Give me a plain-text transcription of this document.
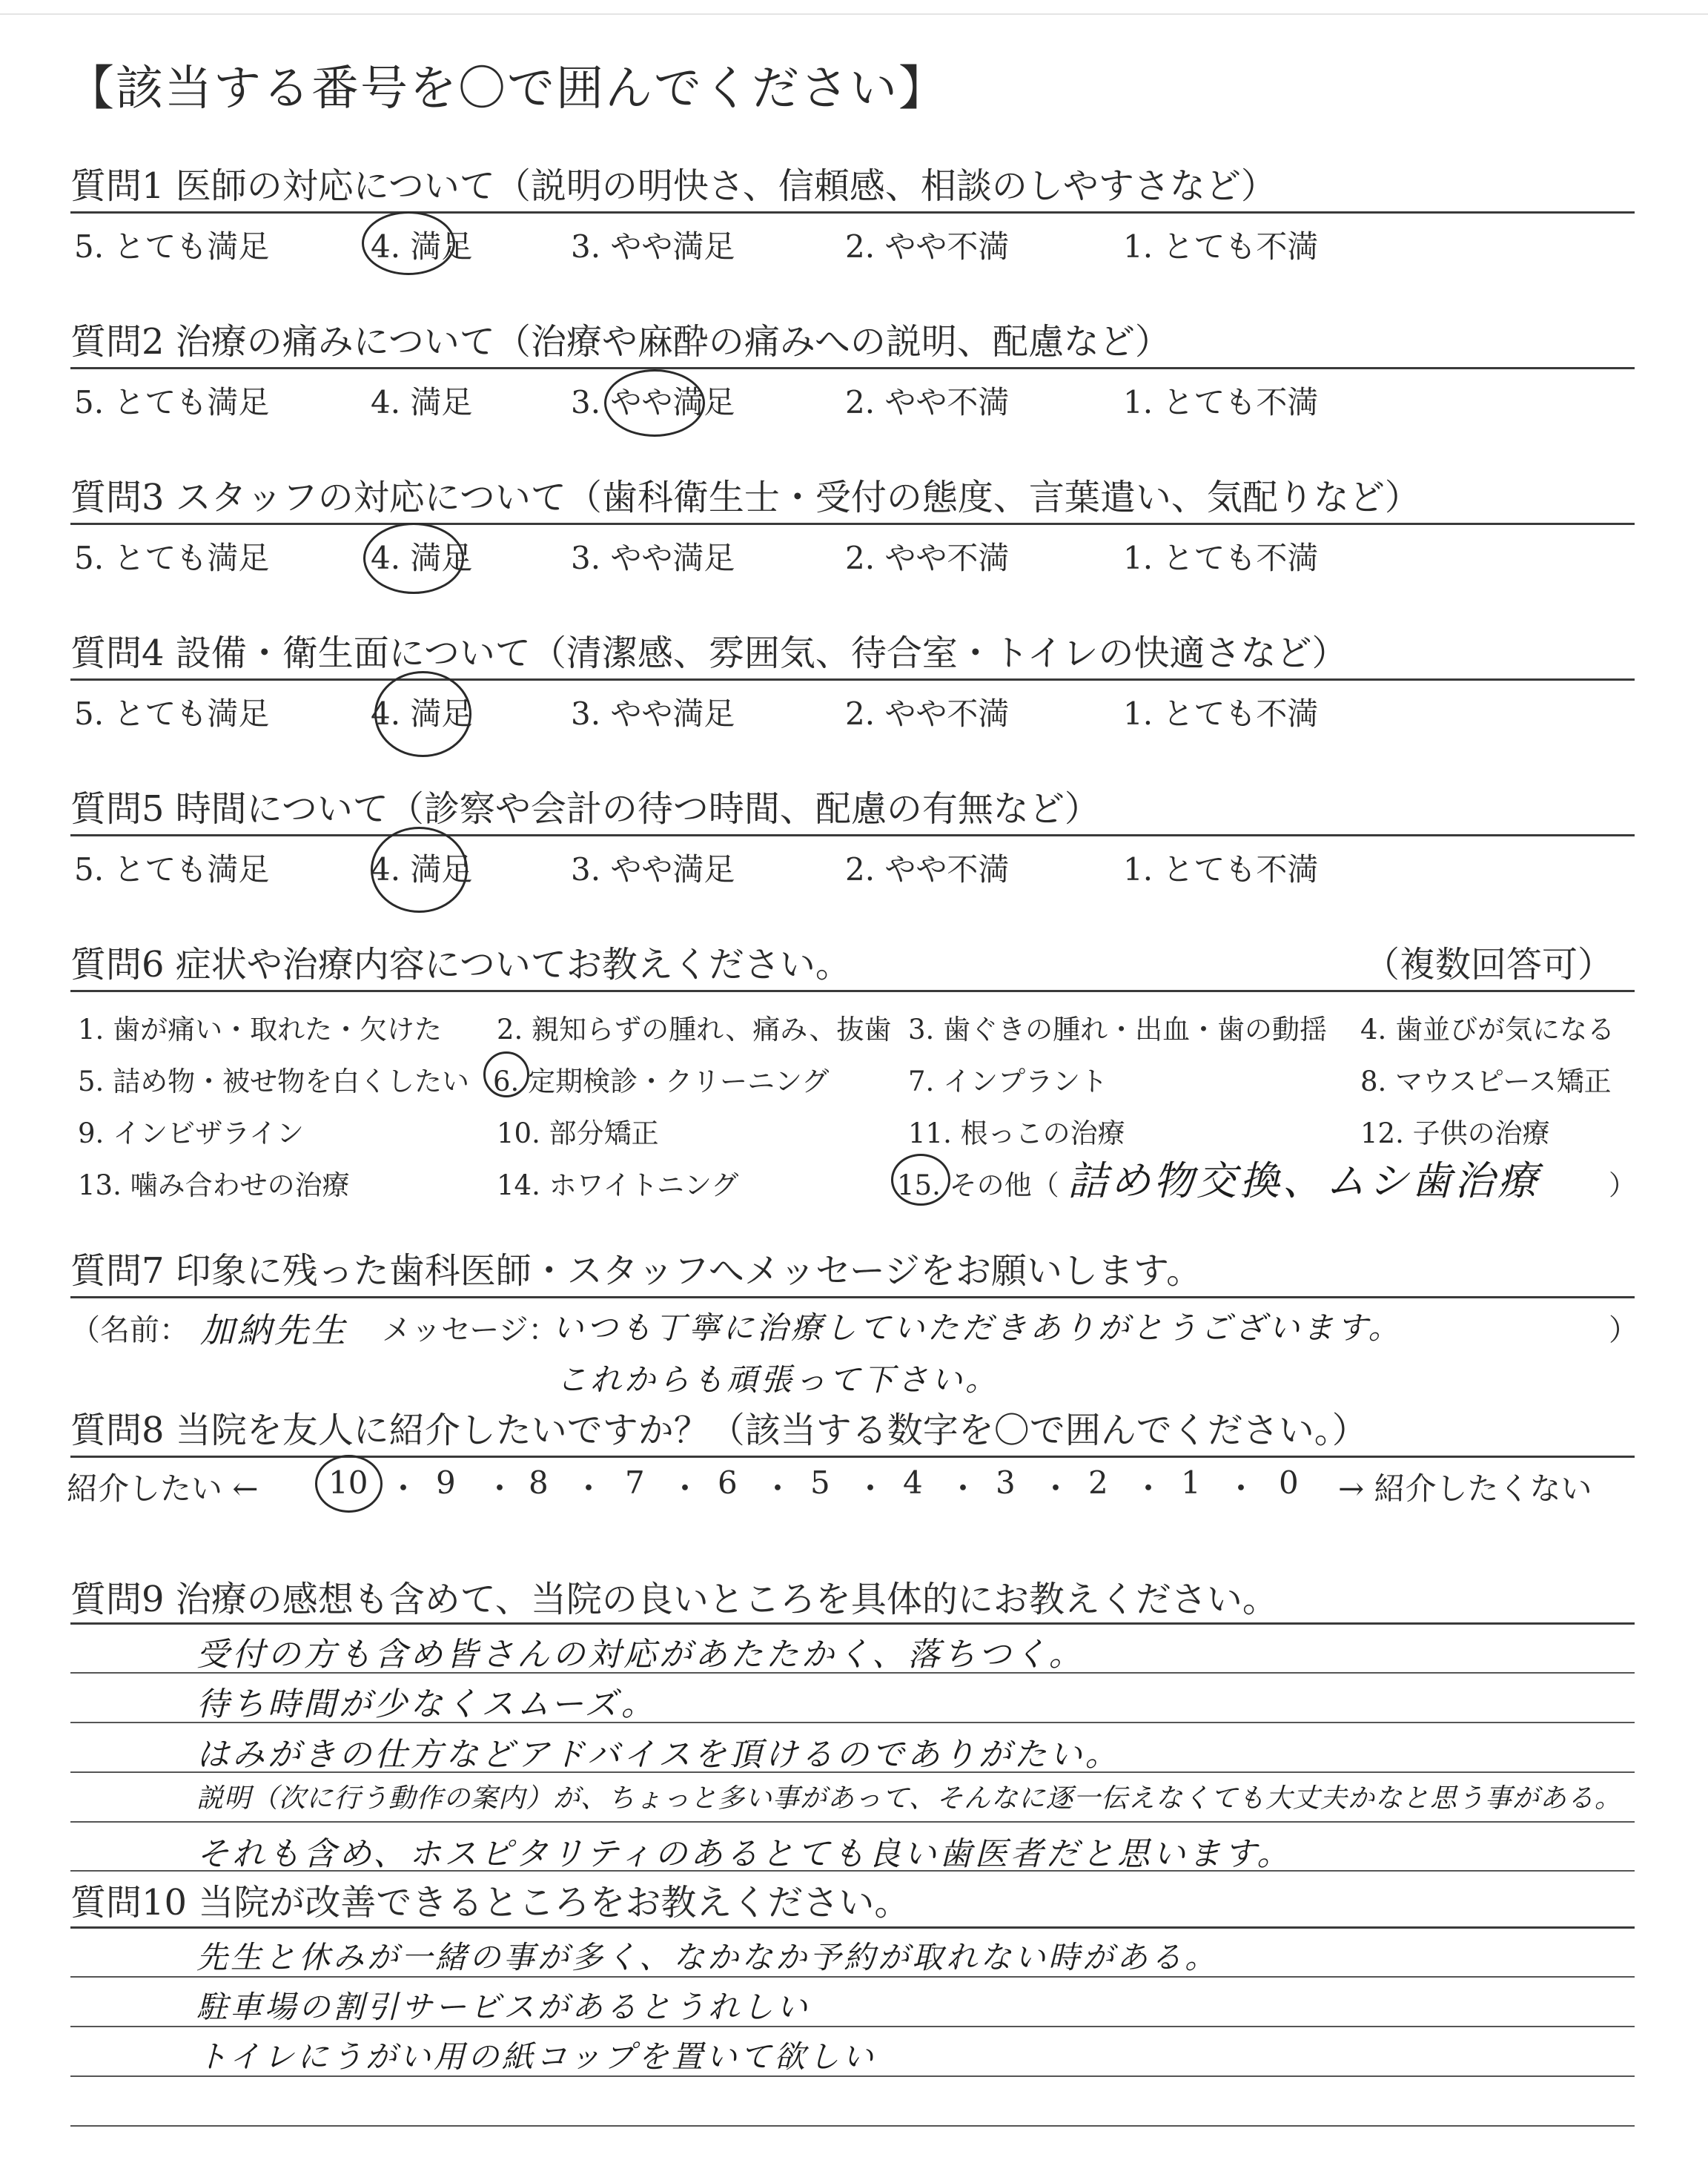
【該当する番号を〇で囲んでください】
質問1 医師の対応について（説明の明快さ、信頼感、相談のしやすさなど）
5. とても満足	4. 満足	3. やや満足	2. やや不満	1. とても不満
質問2 治療の痛みについて（治療や麻酔の痛みへの説明、配慮など）
5. とても満足	4. 満足	3. やや満足	2. やや不満	1. とても不満
質問3 スタッフの対応について（歯科衛生士・受付の態度、言葉遣い、気配りなど）
5. とても満足	4. 満足	3. やや満足	2. やや不満	1. とても不満
質問4 設備・衛生面について（清潔感、雰囲気、待合室・トイレの快適さなど）
5. とても満足	4. 満足	3. やや満足	2. やや不満	1. とても不満
質問5 時間について（診察や会計の待つ時間、配慮の有無など）
5. とても満足	4. 満足	3. やや満足	2. やや不満	1. とても不満
質問6 症状や治療内容についてお教えください。	（複数回答可）
1. 歯が痛い・取れた・欠けた 2. 親知らずの腫れ、痛み、抜歯 3. 歯ぐきの腫れ・出血・歯の動揺 4. 歯並びが気になる
5. 詰め物・被せ物を白くしたい 6. 定期検診・クリーニング	7. インプラント	8. マウスピース矯正
9. インビザライン	10. 部分矯正	11. 根っこの治療	12. 子供の治療
13. 噛み合わせの治療	14. ホワイトニング	15. その他（ 詰め物交換、ムシ歯治療 ）
質問7 印象に残った歯科医師・スタッフへメッセージをお願いします。
（名前： 加納先生 メッセージ：
いつも丁寧に治療していただきありがとうございます。	）
これからも頑張って下さい。
質問8 当院を友人に紹介したいですか？（該当する数字を〇で囲んでください。）
紹介したい ← 10 ・ 9 ・ 8 ・ 7 ・ 6 ・ 5 ・ 4 ・ 3 ・ 2 ・ 1 ・ 0 → 紹介したくない
質問9 治療の感想も含めて、当院の良いところを具体的にお教えください。
受付の方も含め皆さんの対応があたたかく、落ちつく。
待ち時間が少なくスムーズ。
はみがきの仕方などアドバイスを頂けるのでありがたい。
説明（次に行う動作の案内）が、ちょっと多い事があって、そんなに逐一伝えなくても大丈夫かなと思う事がある。
それも含め、ホスピタリティのあるとても良い歯医者だと思います。
質問10 当院が改善できるところをお教えください。
先生と休みが一緒の事が多く、なかなか予約が取れない時がある。
駐車場の割引サービスがあるとうれしい
トイレにうがい用の紙コップを置いて欲しい
